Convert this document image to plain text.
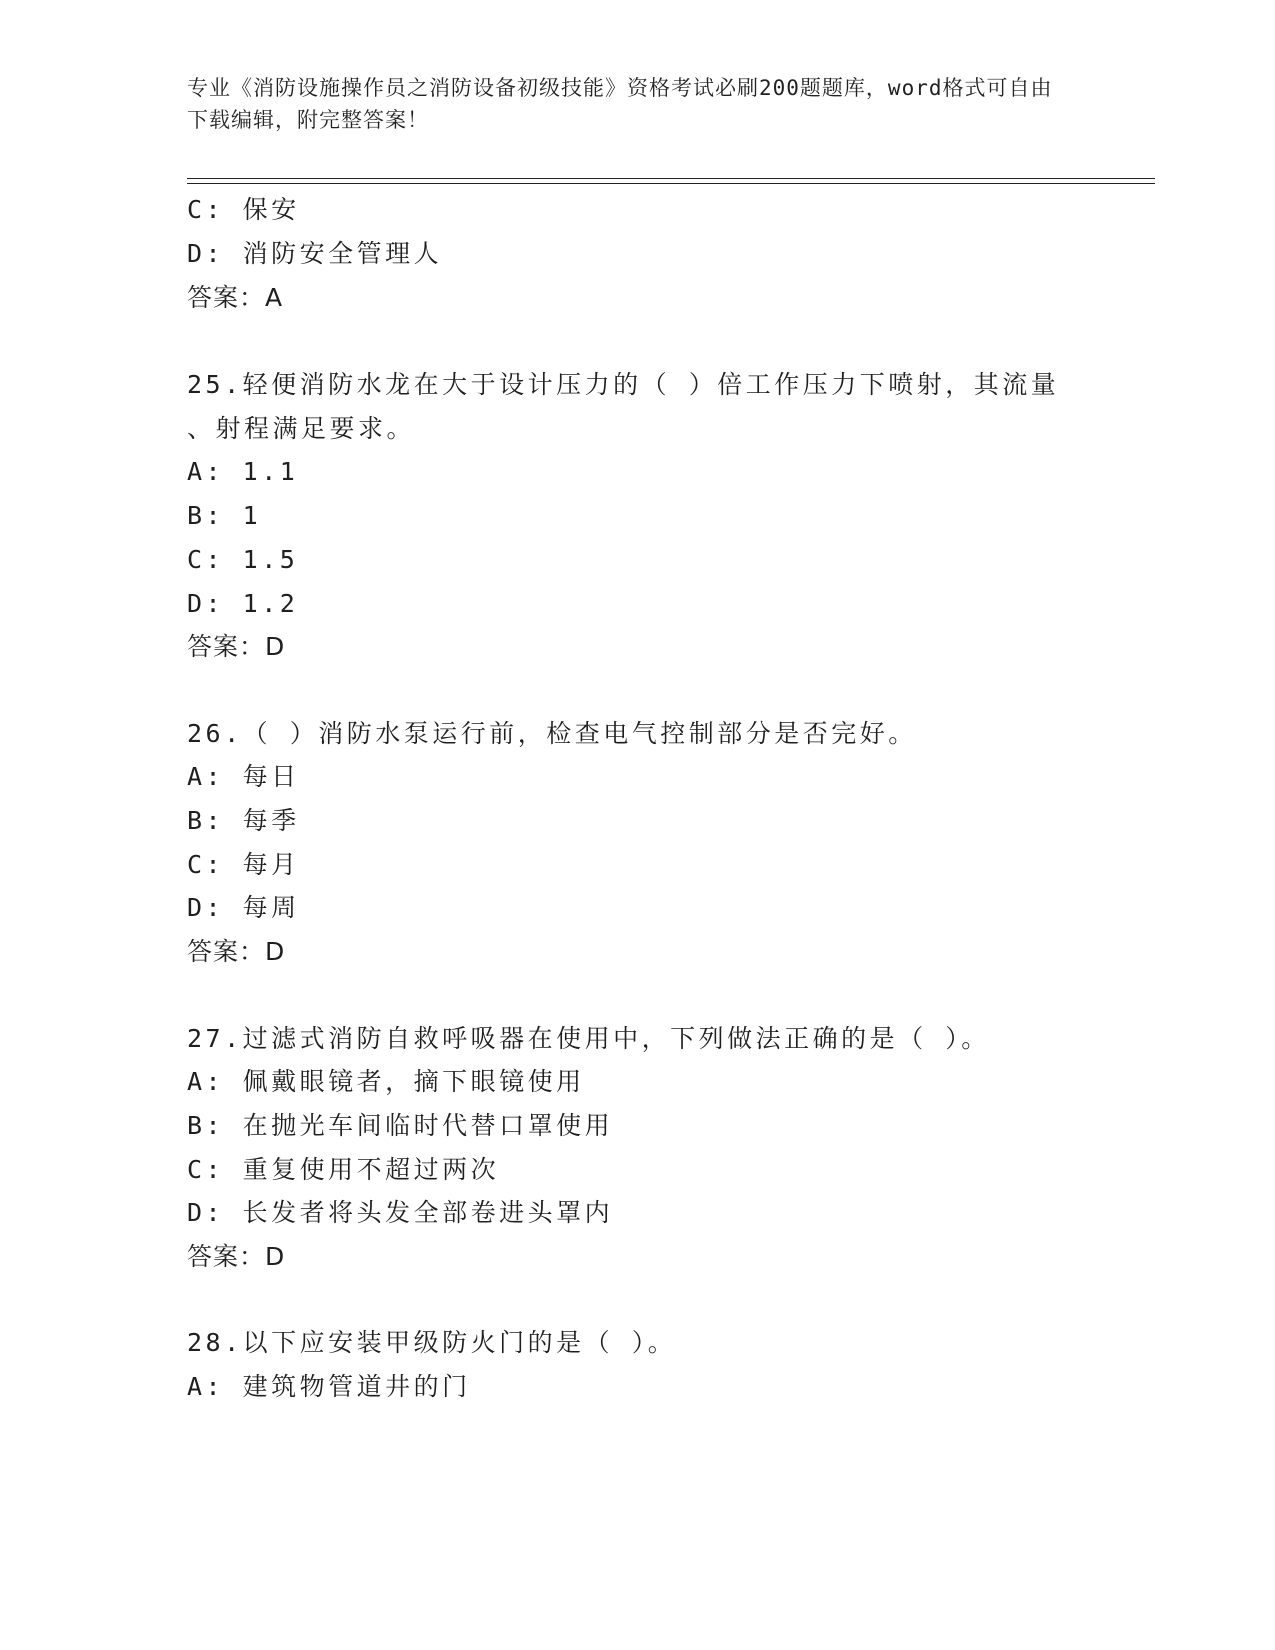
专业《消防设施操作员之消防设备初级技能》资格考试必刷200题题库，word格式可自由下载编辑，附完整答案！
C: 保安
D: 消防安全管理人
答案：A
25.轻便消防水龙在大于设计压力的（ ）倍工作压力下喷射，其流量
、射程满足要求。
A: 1.1
B: 1
C: 1.5
D: 1.2
答案：D
26.（ ）消防水泵运行前，检查电气控制部分是否完好。
A: 每日
B: 每季
C: 每月
D: 每周
答案：D
27.过滤式消防自救呼吸器在使用中，下列做法正确的是（ ）。
A: 佩戴眼镜者，摘下眼镜使用
B: 在抛光车间临时代替口罩使用
C: 重复使用不超过两次
D: 长发者将头发全部卷进头罩内
答案：D
28.以下应安装甲级防火门的是（ ）。
A: 建筑物管道井的门
